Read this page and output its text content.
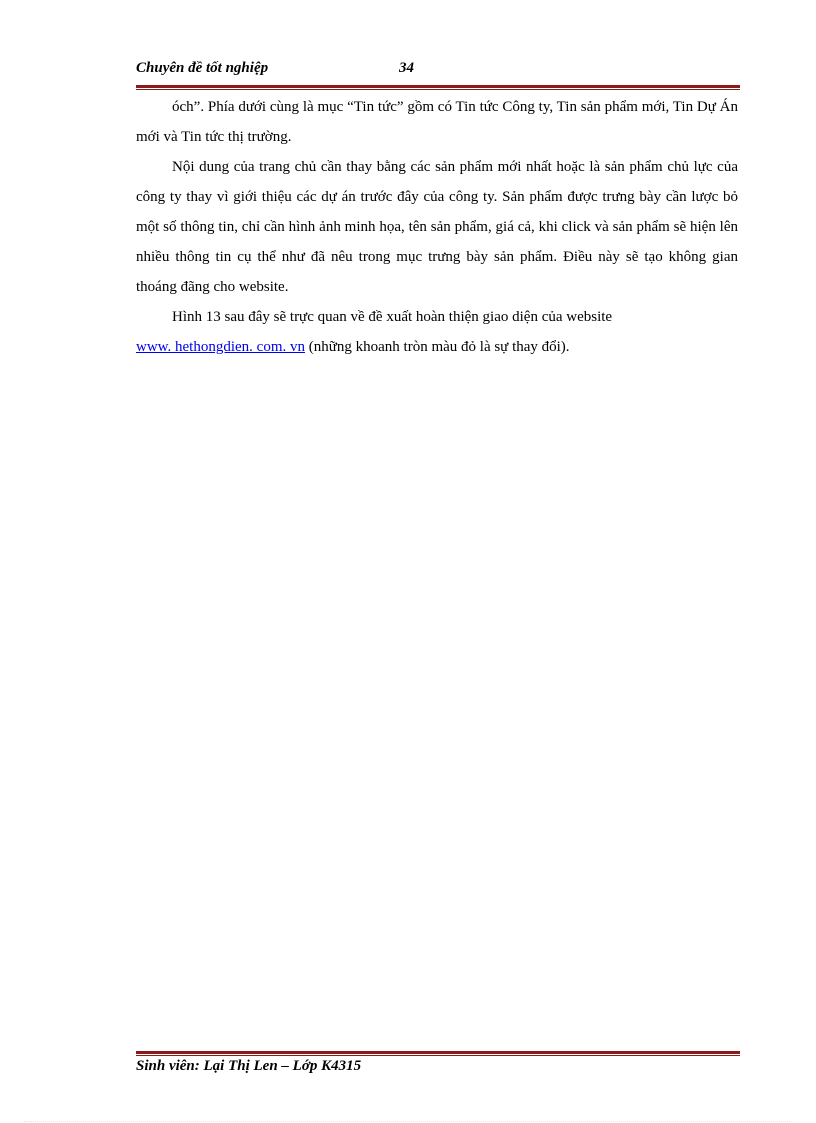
Chuyên đề tốt nghiệp	34

óch”. Phía dưới cùng là mục “Tin tức” gồm có Tin tức Công ty, Tin sản phẩm mới, Tin Dự Án mới và Tin tức thị trường.

Nội dung của trang chủ cần thay bằng các sản phẩm mới nhất hoặc là sản phẩm chủ lực của công ty thay vì giới thiệu các dự án trước đây của công ty. Sản phẩm được trưng bày cần lược bỏ một số thông tin, chỉ cần hình ảnh minh họa, tên sản phẩm, giá cả, khi click và sản phẩm sẽ hiện lên nhiều thông tin cụ thể như đã nêu trong mục trưng bày sản phẩm. Điều này sẽ tạo không gian thoáng đãng cho website.

Hình 13 sau đây sẽ trực quan về đề xuất hoàn thiện giao diện của website
www. hethongdien. com. vn (những khoanh tròn màu đỏ là sự thay đổi).

Sinh viên: Lại Thị Len – Lớp K4315
